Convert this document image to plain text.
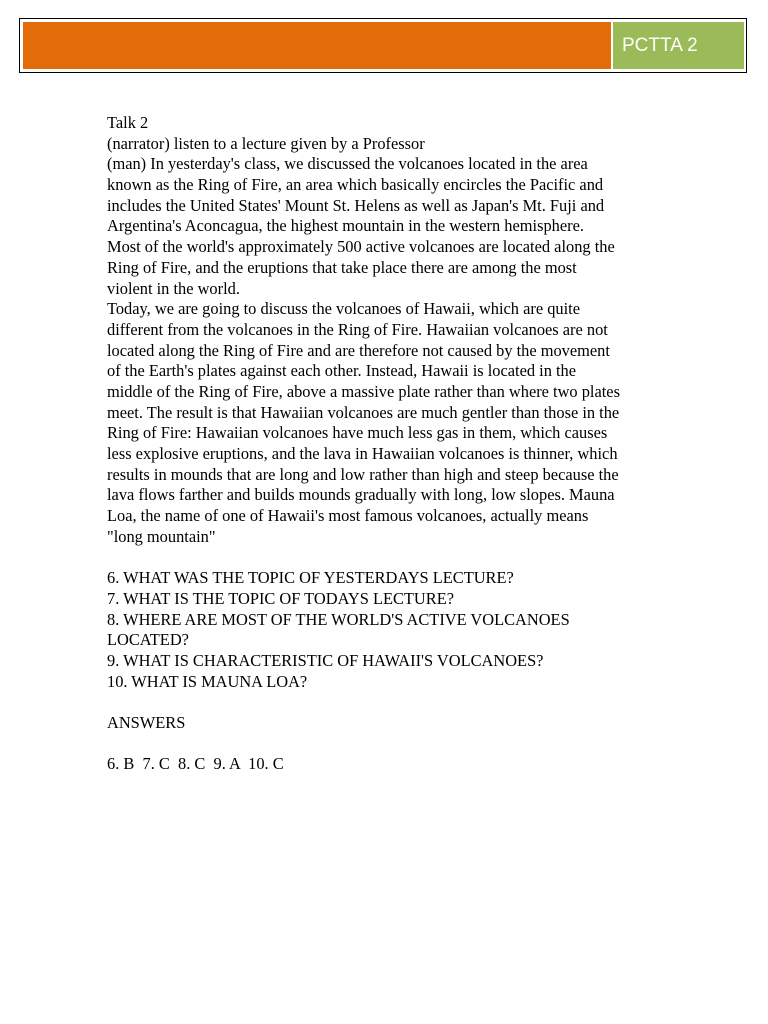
PCTTA 2
Talk 2
(narrator) listen to a lecture given by a Professor
(man) In yesterday's class, we discussed the volcanoes located in the area
known as the Ring of Fire, an area which basically encircles the Pacific and
includes the United States' Mount St. Helens as well as Japan's Mt. Fuji and
Argentina's Aconcagua, the highest mountain in the western hemisphere.
Most of the world's approximately 500 active volcanoes are located along the
Ring of Fire, and the eruptions that take place there are among the most
violent in the world.
Today, we are going to discuss the volcanoes of Hawaii, which are quite
different from the volcanoes in the Ring of Fire. Hawaiian volcanoes are not
located along the Ring of Fire and are therefore not caused by the movement
of the Earth's plates against each other. Instead, Hawaii is located in the
middle of the Ring of Fire, above a massive plate rather than where two plates
meet. The result is that Hawaiian volcanoes are much gentler than those in the
Ring of Fire: Hawaiian volcanoes have much less gas in them, which causes
less explosive eruptions, and the lava in Hawaiian volcanoes is thinner, which
results in mounds that are long and low rather than high and steep because the
lava flows farther and builds mounds gradually with long, low slopes. Mauna
Loa, the name of one of Hawaii's most famous volcanoes, actually means
"long mountain"
6. WHAT WAS THE TOPIC OF YESTERDAYS LECTURE?
7. WHAT IS THE TOPIC OF TODAYS LECTURE?
8. WHERE ARE MOST OF THE WORLD'S ACTIVE VOLCANOES
LOCATED?
9. WHAT IS CHARACTERISTIC OF HAWAII'S VOLCANOES?
10. WHAT IS MAUNA LOA?
ANSWERS
6. B  7. C  8. C  9. A  10. C
